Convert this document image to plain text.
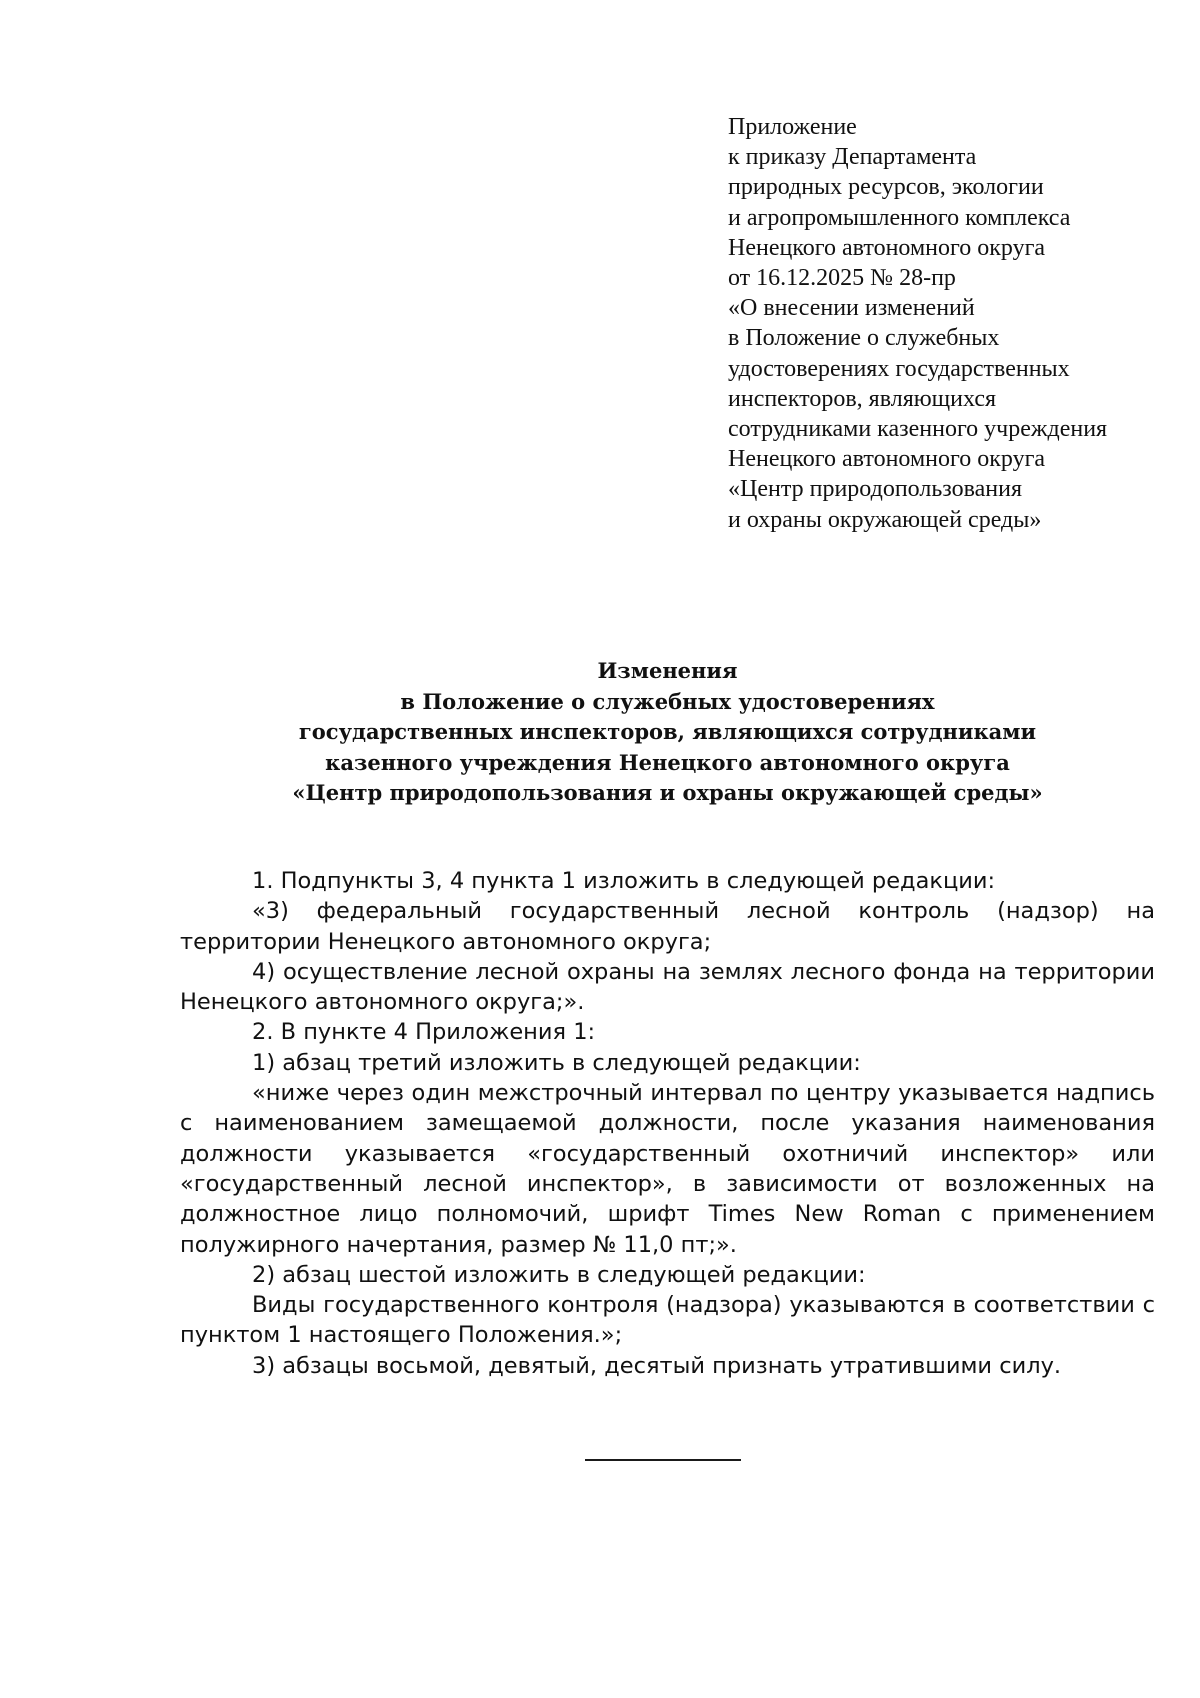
Приложение
к приказу Департамента
природных ресурсов, экологии
и агропромышленного комплекса
Ненецкого автономного округа
от 16.12.2025 № 28-пр
«О внесении изменений
в Положение о служебных
удостоверениях государственных
инспекторов, являющихся
сотрудниками казенного учреждения
Ненецкого автономного округа
«Центр природопользования
и охраны окружающей среды»
Изменения
в Положение о служебных удостоверениях
государственных инспекторов, являющихся сотрудниками
казенного учреждения Ненецкого автономного округа
«Центр природопользования и охраны окружающей среды»

1. Подпункты 3, 4 пункта 1 изложить в следующей редакции:

«3) федеральный государственный лесной контроль (надзор) на территории Ненецкого автономного округа;

4) осуществление лесной охраны на землях лесного фонда на территории Ненецкого автономного округа;».

2. В пункте 4 Приложения 1:

1) абзац третий изложить в следующей редакции:

«ниже через один межстрочный интервал по центру указывается надпись с наименованием замещаемой должности, после указания наименования должности указывается «государственный охотничий инспектор» или «государственный лесной инспектор», в зависимости от возложенных на должностное лицо полномочий, шрифт Times New Roman с применением полужирного начертания, размер № 11,0 пт;».

2) абзац шестой изложить в следующей редакции:

Виды государственного контроля (надзора) указываются в соответствии с пунктом 1 настоящего Положения.»;

3) абзацы восьмой, девятый, десятый признать утратившими силу.
